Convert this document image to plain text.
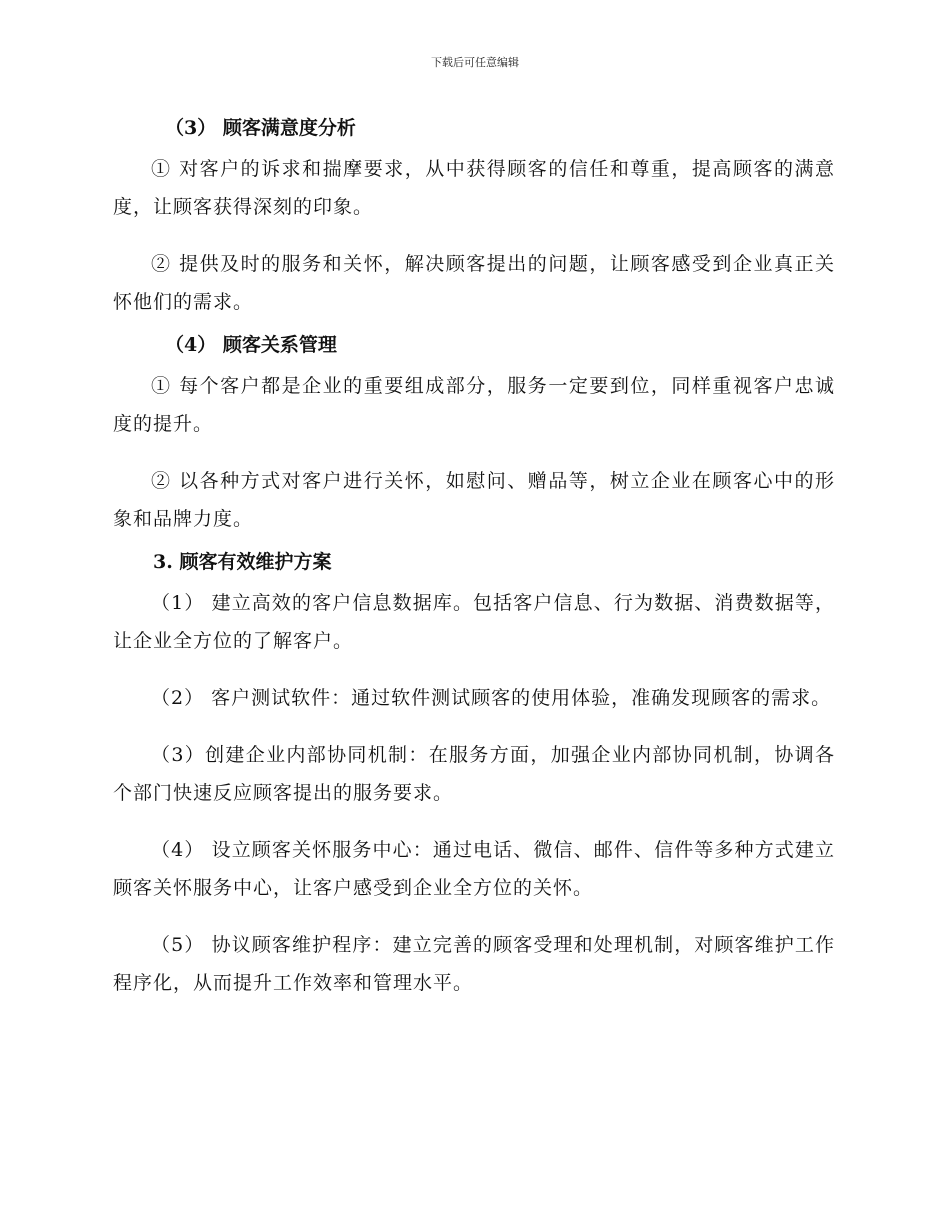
下载后可任意编辑
（3） 顾客满意度分析

① 对客户的诉求和揣摩要求，从中获得顾客的信任和尊重，提高顾客的满意度，让顾客获得深刻的印象。

② 提供及时的服务和关怀，解决顾客提出的问题，让顾客感受到企业真正关怀他们的需求。

（4） 顾客关系管理

① 每个客户都是企业的重要组成部分，服务一定要到位，同样重视客户忠诚度的提升。

② 以各种方式对客户进行关怀，如慰问、赠品等，树立企业在顾客心中的形象和品牌力度。

3. 顾客有效维护方案

（1） 建立高效的客户信息数据库。包括客户信息、行为数据、消费数据等，让企业全方位的了解客户。

（2） 客户测试软件：通过软件测试顾客的使用体验，准确发现顾客的需求。

（3）创建企业内部协同机制：在服务方面，加强企业内部协同机制，协调各个部门快速反应顾客提出的服务要求。

（4） 设立顾客关怀服务中心：通过电话、微信、邮件、信件等多种方式建立顾客关怀服务中心，让客户感受到企业全方位的关怀。

（5） 协议顾客维护程序：建立完善的顾客受理和处理机制，对顾客维护工作程序化，从而提升工作效率和管理水平。
